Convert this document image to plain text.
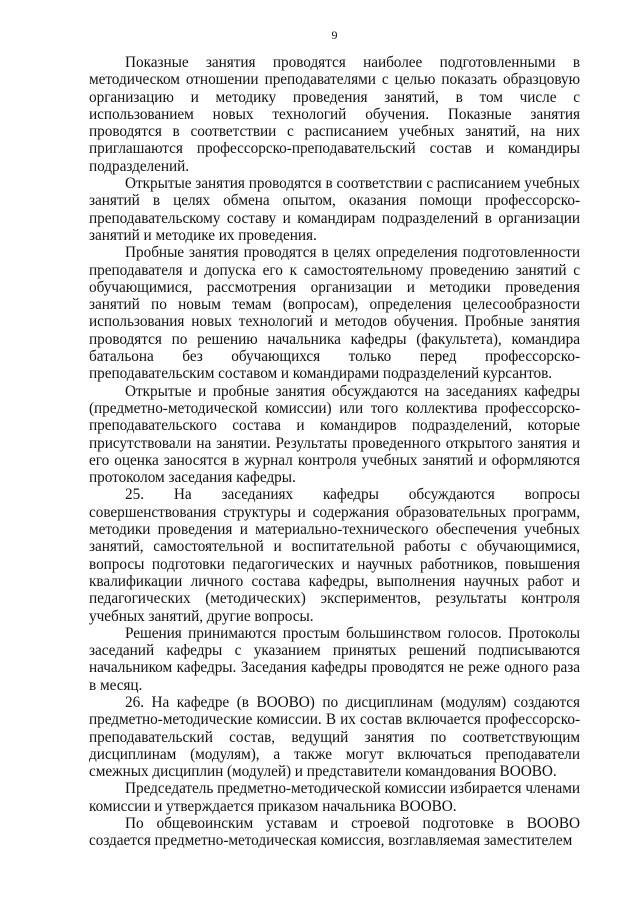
9

Показные занятия проводятся наиболее подготовленными в методическом отношении преподавателями с целью показать образцовую организацию и методику проведения занятий, в том числе с использованием новых технологий обучения. Показные занятия проводятся в соответствии с расписанием учебных занятий, на них приглашаются профессорско-преподавательский состав и командиры подразделений.

Открытые занятия проводятся в соответствии с расписанием учебных занятий в целях обмена опытом, оказания помощи профессорско-преподавательскому составу и командирам подразделений в организации занятий и методике их проведения.

Пробные занятия проводятся в целях определения подготовленности преподавателя и допуска его к самостоятельному проведению занятий с обучающимися, рассмотрения организации и методики проведения занятий по новым темам (вопросам), определения целесообразности использования новых технологий и методов обучения. Пробные занятия проводятся по решению начальника кафедры (факультета), командира батальона без обучающихся только перед профессорско-преподавательским составом и командирами подразделений курсантов.

Открытые и пробные занятия обсуждаются на заседаниях кафедры (предметно-методической комиссии) или того коллектива профессорско-преподавательского состава и командиров подразделений, которые присутствовали на занятии. Результаты проведенного открытого занятия и его оценка заносятся в журнал контроля учебных занятий и оформляются протоколом заседания кафедры.

25. На заседаниях кафедры обсуждаются вопросы совершенствования структуры и содержания образовательных программ, методики проведения и материально-технического обеспечения учебных занятий, самостоятельной и воспитательной работы с обучающимися, вопросы подготовки педагогических и научных работников, повышения квалификации личного состава кафедры, выполнения научных работ и педагогических (методических) экспериментов, результаты контроля учебных занятий, другие вопросы.

Решения принимаются простым большинством голосов. Протоколы заседаний кафедры с указанием принятых решений подписываются начальником кафедры. Заседания кафедры проводятся не реже одного раза в месяц.

26. На кафедре (в ВООВО) по дисциплинам (модулям) создаются предметно-методические комиссии. В их состав включается профессорско-преподавательский состав, ведущий занятия по соответствующим дисциплинам (модулям), а также могут включаться преподаватели смежных дисциплин (модулей) и представители командования ВООВО.

Председатель предметно-методической комиссии избирается членами комиссии и утверждается приказом начальника ВООВО.

По общевоинским уставам и строевой подготовке в ВООВО создается предметно-методическая комиссия, возглавляемая заместителем
